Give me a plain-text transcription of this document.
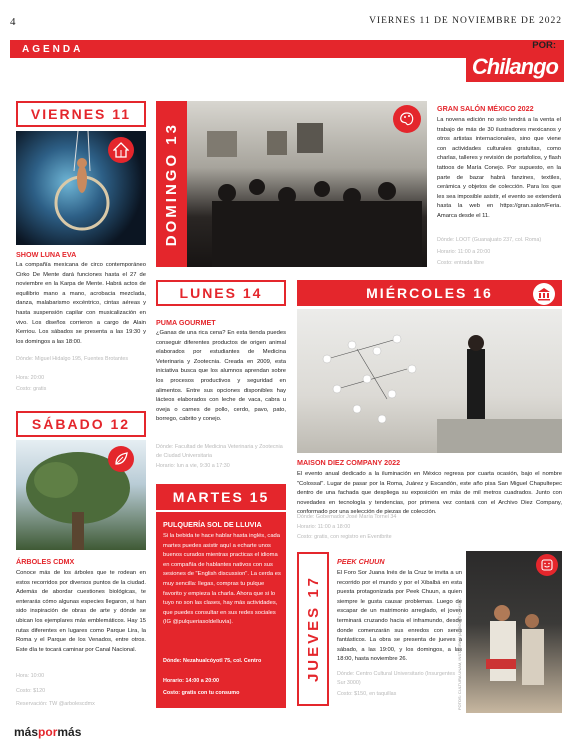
4	VIERNES 11 DE NOVIEMBRE DE 2022
AGENDA	POR:
Chilango
VIERNES 11
SHOW LUNA EVA
La compañía mexicana de circo contemporáneo Cirko De Mente dará funciones hasta el 27 de noviembre en la Karpa de Mente. Habrá actos de equilibrio mano a mano, acrobacia mezclada, danza, malabarismo excéntrico, cintas aéreas y hasta suspensión capilar con musicalización en vivo. Los diseños corrieron a cargo de Alain Kerriou. Los sábados se presenta a las 19:30 y los domingos a las 18:00.
Dónde: Miguel Hidalgo 195, Fuentes Brotantes
Hora: 20:00
Costo: gratis
SÁBADO 12
ÁRBOLES CDMX
Conoce más de los árboles que te rodean en estos recorridos por diversos puntos de la ciudad. Además de abordar cuestiones biológicas, te enterarás cómo algunas especies llegaron, si han sido inspiración de obras de arte y dónde se ubican los ejemplares más emblemáticos. Hay 15 rutas diferentes en lugares como Parque Lira, la Roma y el Parque de los Venados, entre otros. Este día te tocará caminar por Canal Nacional.
Hora: 10:00
Costo: $120
Reservación: TW @arbolescdmx
DOMINGO 13
GRAN SALÓN MÉXICO 2022
La novena edición no solo tendrá a la venta el trabajo de más de 30 ilustradores mexicanos y otros artistas internacionales, sino que viene con actividades culturales gratuitas, como charlas, talleres y revisión de portafolios, y flash tattoos de María Conejo. Por supuesto, en la parte de bazar habrá fanzines, textiles, cerámica y objetos de colección. Para los que les sea imposible asistir, el evento se extenderá hasta la web en https://gran.salon/Feria. Amarca desde el 11.
Dónde: LOOT (Guanajuato 237, col. Roma)
Horario: 11:00 a 20:00
Costo: entrada libre
LUNES 14
PUMA GOURMET
¿Ganas de una rica cena? En esta tienda puedes conseguir diferentes productos de origen animal elaborados por estudiantes de Medicina Veterinaria y Zootecnia. Creada en 2009, esta iniciativa busca que los alumnos aprendan sobre los procesos productivos y seguridad en alimentos. Entre sus opciones disponibles hay lácteos elaborados con leche de vaca, cabra u oveja o carnes de pollo, cerdo, pavo, pato, borrego, cabrito y conejo.
Dónde: Facultad de Medicina Veterinaria y Zootecnia de Ciudad Universitaria
Horario: lun a vie, 9:30 a 17:30
MARTES 15
PULQUERÍA SOL DE LLUVIA
Si la bebida te hace hablar hasta inglés, cada martes puedes asistir aquí a echarte unos buenos curados mientras practicas el idioma en compañía de hablantes nativos con sus sesiones de "English discussion". La cerda es muy sencilla: llegas, compras tu pulque favorito y empieza la charla. Ahora que si lo tuyo no son las clases, hay más actividades, que puedes consultar en sus redes sociales (IG @pulqueriasoldelluvia).
Dónde: Nezahualcóyotl 75, col. Centro
Horario: 14:00 a 20:00
Costo: gratis con tu consumo
MIÉRCOLES 16
MAISON DIEZ COMPANY 2022
El evento anual dedicado a la iluminación en México regresa por cuarta ocasión, bajo el nombre "Colossal". Lugar de pasar por la Roma, Juárez y Escandón, este año pisa San Miguel Chapultepec dentro de una fachada que despliega su exposición en más de mil metros cuadrados. Junto con novedades en tecnología y tendencias, por primera vez contará con el Archivo Diez Company, conformado por una selección de piezas de colección.
Dónde: Gobernador José María Tornel 34
Horario: 11:00 a 18:00
Costo: gratis, con registro en Eventbrite
JUEVES 17
PEEK CHUUN
El Foro Sor Juana Inés de la Cruz te invita a un recorrido por el mundo y por el Xibalbá en esta puesta protagonizada por Peek Chuun, a quien siempre le gusta causar problemas. Luego de escapar de un matrimonio arreglado, el joven terminará cruzando hacia el inframundo, desde donde comenzarán sus enredos con seres fantásticos. La obra se presenta de jueves a sábado, a las 19:00, y los domingos, a las 18:00, hasta noviembre 26.
Dónde: Centro Cultural Universitario (Insurgentes Sur 3000)
Costo: $150, en taquillas	FOTOS: CULTURA UNAM, INSTAGRAM (ÁRBOLES CDMX)...
máspormás
